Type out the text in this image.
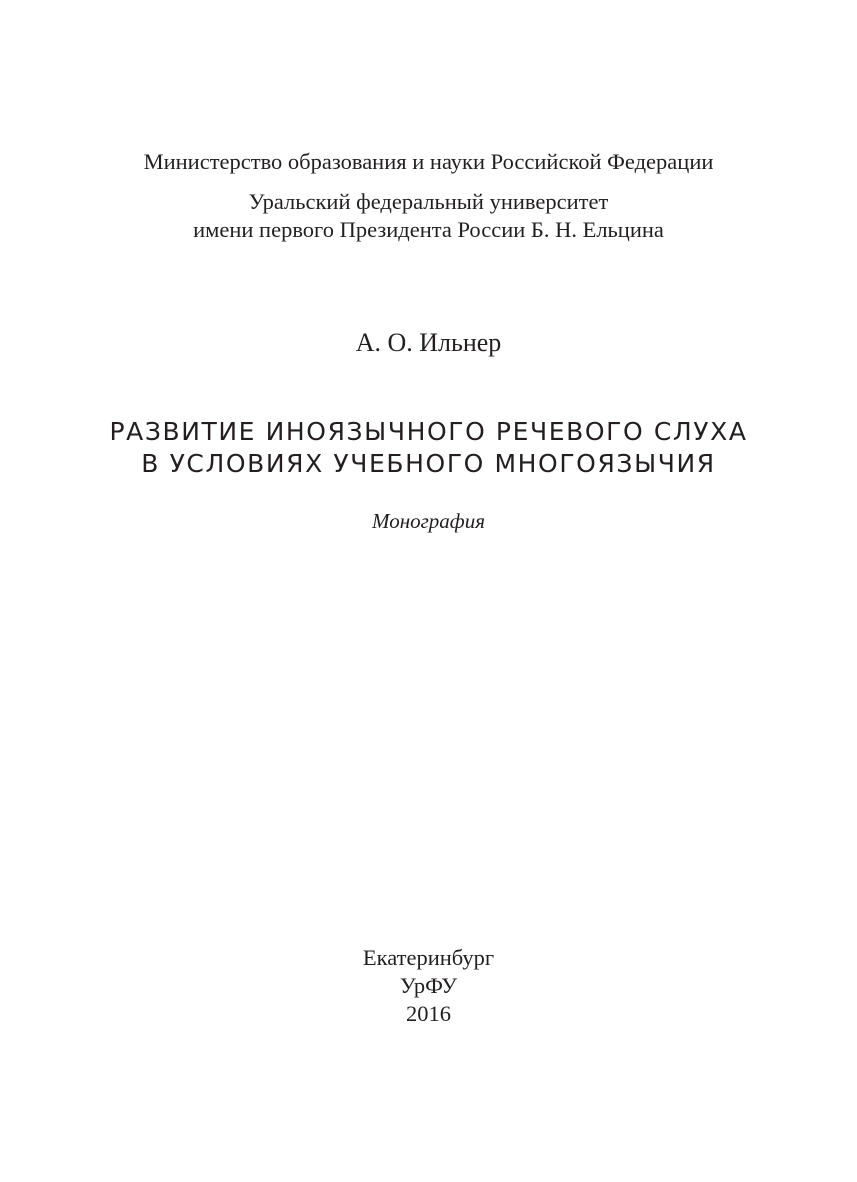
Министерство образования и науки Российской Федерации
Уральский федеральный университет
имени первого Президента России Б. Н. Ельцина
А. О. Ильнер
РАЗВИТИЕ ИНОЯЗЫЧНОГО РЕЧЕВОГО СЛУХА
В УСЛОВИЯХ УЧЕБНОГО МНОГОЯЗЫЧИЯ
Монография
Екатеринбург
УрФУ
2016
